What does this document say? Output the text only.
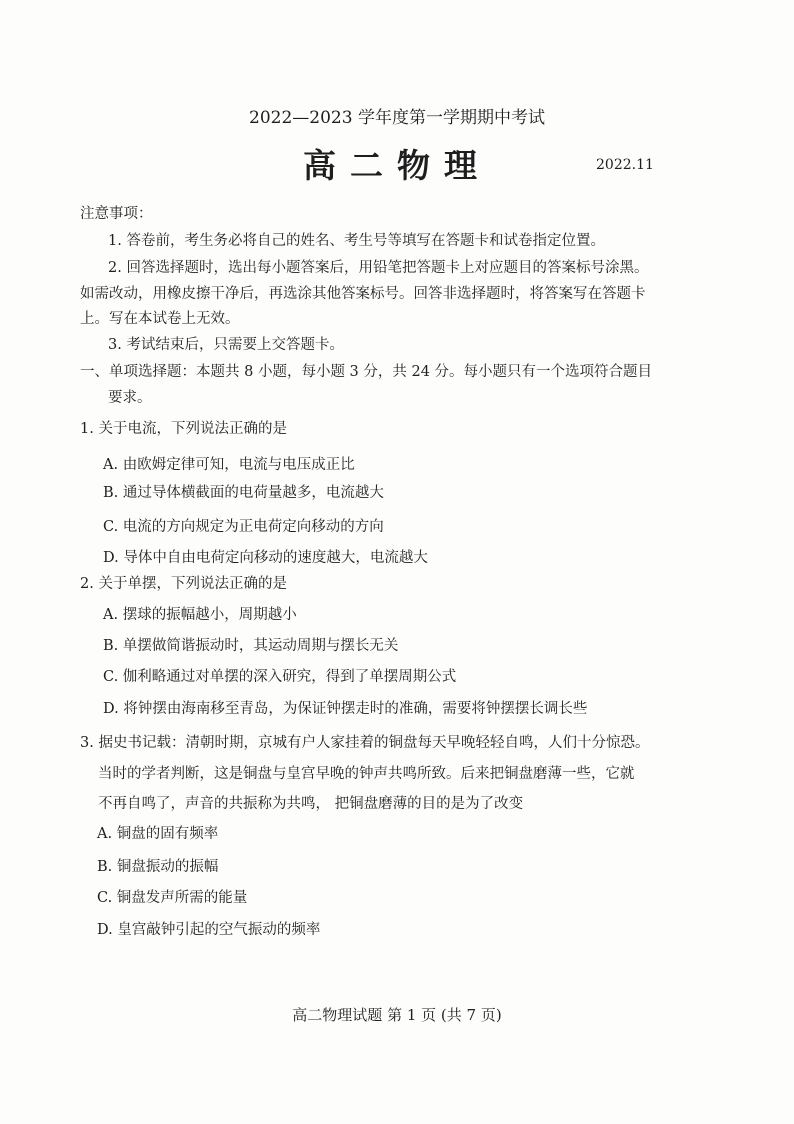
2022—2023 学年度第一学期期中考试
高二物理	2022.11
注意事项：
1. 答卷前，考生务必将自己的姓名、考生号等填写在答题卡和试卷指定位置。
2. 回答选择题时，选出每小题答案后，用铅笔把答题卡上对应题目的答案标号涂黑。
如需改动，用橡皮擦干净后，再选涂其他答案标号。回答非选择题时，将答案写在答题卡
上。写在本试卷上无效。
3. 考试结束后，只需要上交答题卡。
一、单项选择题：本题共 8 小题，每小题 3 分，共 24 分。每小题只有一个选项符合题目
要求。
1. 关于电流，下列说法正确的是
A. 由欧姆定律可知，电流与电压成正比
B. 通过导体横截面的电荷量越多，电流越大
C. 电流的方向规定为正电荷定向移动的方向
D. 导体中自由电荷定向移动的速度越大，电流越大
2. 关于单摆，下列说法正确的是
A. 摆球的振幅越小，周期越小
B. 单摆做简谐振动时，其运动周期与摆长无关
C. 伽利略通过对单摆的深入研究，得到了单摆周期公式
D. 将钟摆由海南移至青岛，为保证钟摆走时的准确，需要将钟摆摆长调长些
3. 据史书记载：清朝时期，京城有户人家挂着的铜盘每天早晚轻轻自鸣，人们十分惊恐。
当时的学者判断，这是铜盘与皇宫早晚的钟声共鸣所致。后来把铜盘磨薄一些，它就
不再自鸣了，声音的共振称为共鸣， 把铜盘磨薄的目的是为了改变
A. 铜盘的固有频率
B. 铜盘振动的振幅
C. 铜盘发声所需的能量
D. 皇宫敲钟引起的空气振动的频率
高二物理试题 第 1 页 (共 7 页)
